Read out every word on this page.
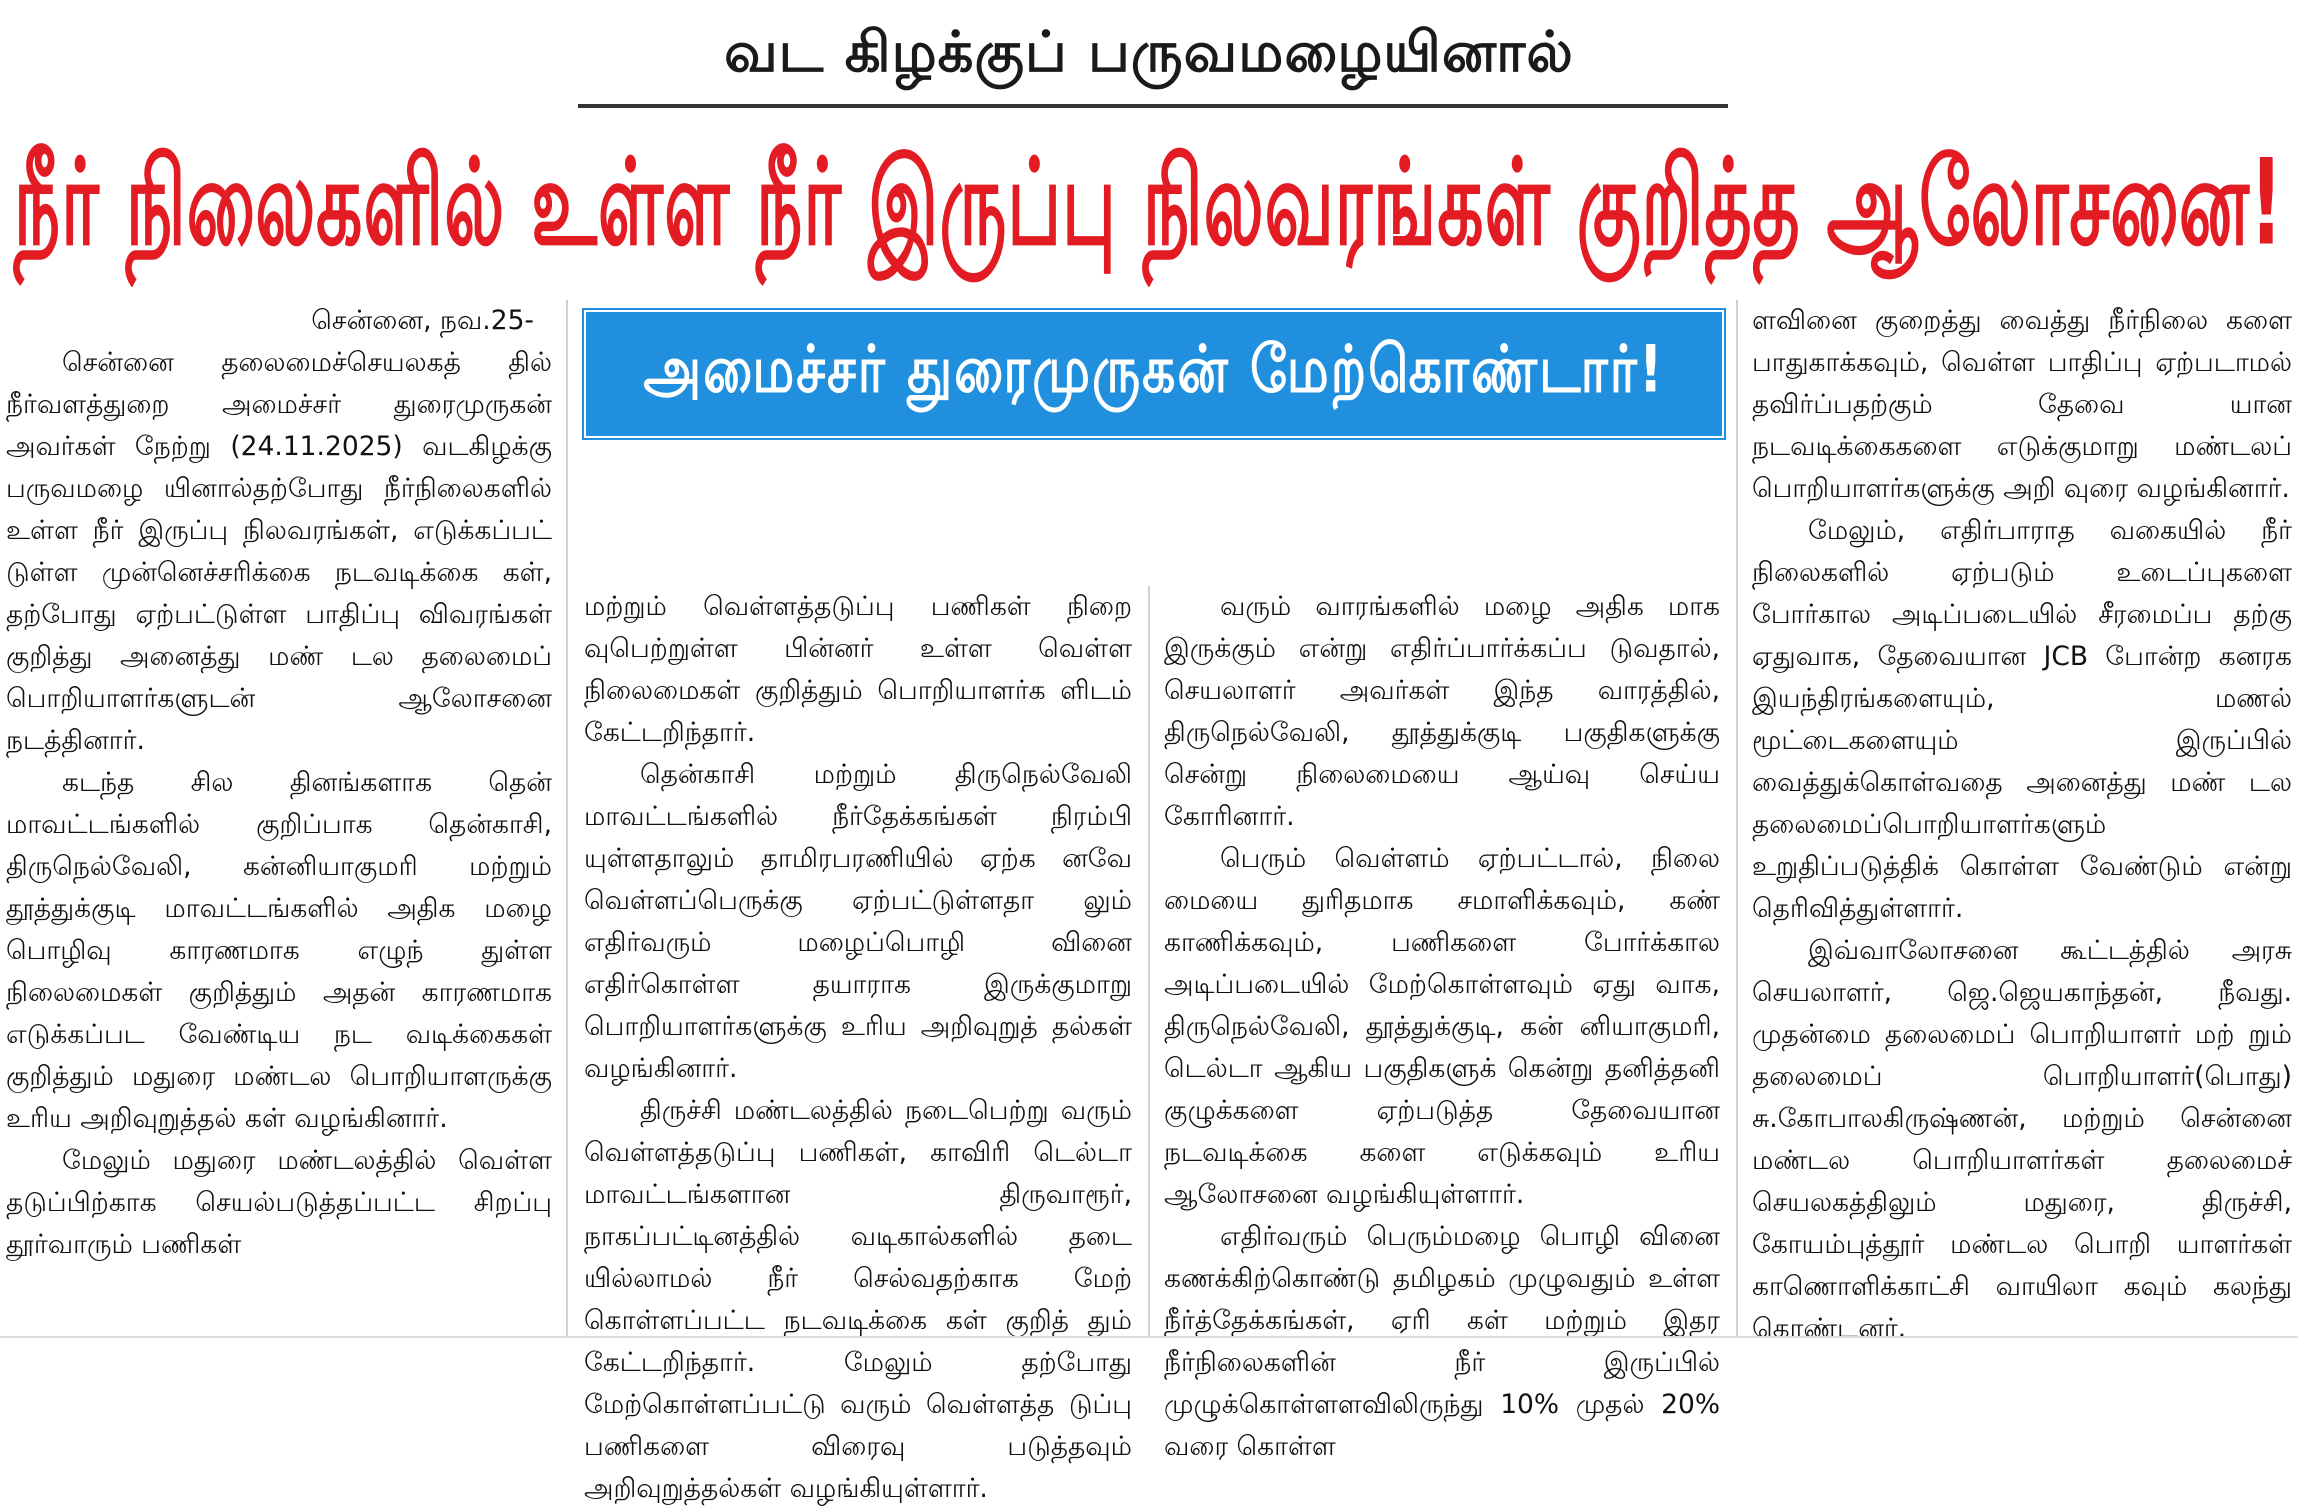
வட கிழக்குப் பருவமழையினால்
நீர் நிலைகளில் உள்ள நீர் இருப்பு நிலவரங்கள் குறித்த ஆலோசனை!
அமைச்சர் துரைமுருகன் மேற்கொண்டார்!

சென்னை, நவ.25-

சென்னை தலைமைச்செயலகத் தில் நீர்வளத்துறை அமைச்சர் துரைமுருகன் அவர்கள் நேற்று (24.11.2025) வடகிழக்கு பருவமழை யினால்தற்போது நீர்நிலைகளில் உள்ள நீர் இருப்பு நிலவரங்கள், எடுக்கப்பட் டுள்ள முன்னெச்சரிக்கை நடவடிக்கை கள், தற்போது ஏற்பட்டுள்ள பாதிப்பு விவரங்கள் குறித்து அனைத்து மண் டல தலைமைப் பொறியாளர்களுடன் ஆலோசனை நடத்தினார்.

கடந்த சில தினங்களாக தென் மாவட்டங்களில் குறிப்பாக தென்காசி, திருநெல்வேலி, கன்னியாகுமரி மற்றும் தூத்துக்குடி மாவட்டங்களில் அதிக மழை பொழிவு காரணமாக எழுந் துள்ள நிலைமைகள் குறித்தும் அதன் காரணமாக எடுக்கப்பட வேண்டிய நட வடிக்கைகள் குறித்தும் மதுரை மண்டல பொறியாளருக்கு உரிய அறிவுறுத்தல் கள் வழங்கினார்.

மேலும் மதுரை மண்டலத்தில் வெள்ள தடுப்பிற்காக செயல்படுத்தப்பட்ட சிறப்பு தூர்வாரும் பணிகள்

மற்றும் வெள்ளத்தடுப்பு பணிகள் நிறை வுபெற்றுள்ள பின்னர் உள்ள வெள்ள நிலைமைகள் குறித்தும் பொறியாளர்க ளிடம் கேட்டறிந்தார்.

தென்காசி மற்றும் திருநெல்வேலி மாவட்டங்களில் நீர்தேக்கங்கள் நிரம்பி யுள்ளதாலும் தாமிரபரணியில் ஏற்க னவே வெள்ளப்பெருக்கு ஏற்பட்டுள்ளதா லும் எதிர்வரும் மழைப்பொழி வினை எதிர்கொள்ள தயாராக இருக்குமாறு பொறியாளர்களுக்கு உரிய அறிவுறுத் தல்கள் வழங்கினார்.

திருச்சி மண்டலத்தில் நடைபெற்று வரும் வெள்ளத்தடுப்பு பணிகள், காவிரி டெல்டா மாவட்டங்களான திருவாரூர், நாகப்பட்டினத்தில் வடிகால்களில் தடை யில்லாமல் நீர் செல்வதற்காக மேற் கொள்ளப்பட்ட நடவடிக்கை கள் குறித் தும் கேட்டறிந்தார். மேலும் தற்போது மேற்கொள்ளப்பட்டு வரும் வெள்ளத்த டுப்பு பணிகளை விரைவு படுத்தவும் அறிவுறுத்தல்கள் வழங்கியுள்ளார்.

வரும் வாரங்களில் மழை அதிக மாக இருக்கும் என்று எதிர்ப்பார்க்கப்ப டுவதால், செயலாளர் அவர்கள் இந்த வாரத்தில், திருநெல்வேலி, தூத்துக்குடி பகுதிகளுக்கு சென்று நிலைமையை ஆய்வு செய்ய கோரினார்.

பெரும் வெள்ளம் ஏற்பட்டால், நிலை மையை துரிதமாக சமாளிக்கவும், கண் காணிக்கவும், பணிகளை போர்க்கால அடிப்படையில் மேற்கொள்ளவும் ஏது வாக, திருநெல்வேலி, தூத்துக்குடி, கன் னியாகுமரி, டெல்டா ஆகிய பகுதிகளுக் கென்று தனித்தனி குழுக்களை ஏற்படுத்த தேவையான நடவடிக்கை களை எடுக்கவும் உரிய ஆலோசனை வழங்கியுள்ளார்.

எதிர்வரும் பெரும்மழை பொழி வினை கணக்கிற்கொண்டு தமிழகம் முழுவதும் உள்ள நீர்த்தேக்கங்கள், ஏரி கள் மற்றும் இதர நீர்நிலைகளின் நீர் இருப்பில் முழுக்கொள்ளளவிலிருந்து 10% முதல் 20% வரை கொள்ள

ளவினை குறைத்து வைத்து நீர்நிலை களை பாதுகாக்கவும், வெள்ள பாதிப்பு ஏற்படாமல் தவிர்ப்பதற்கும் தேவை யான நடவடிக்கைகளை எடுக்குமாறு மண்டலப் பொறியாளர்களுக்கு அறி வுரை வழங்கினார்.

மேலும், எதிர்பாராத வகையில் நீர் நிலைகளில் ஏற்படும் உடைப்புகளை போர்கால அடிப்படையில் சீரமைப்ப தற்கு ஏதுவாக, தேவையான JCB போன்ற கனரக இயந்திரங்களையும், மணல் மூட்டைகளையும் இருப்பில் வைத்துக்கொள்வதை அனைத்து மண் டல தலைமைப்பொறியாளர்களும் உறுதிப்படுத்திக் கொள்ள வேண்டும் என்று தெரிவித்துள்ளார்.

இவ்வாலோசனை கூட்டத்தில் அரசு செயலாளர், ஜெ.ஜெயகாந்தன், நீவது. முதன்மை தலைமைப் பொறியாளர் மற் றும் தலைமைப் பொறியாளர்(பொது) சு.கோபாலகிருஷ்ணன், மற்றும் சென்னை மண்டல பொறியாளர்கள் தலைமைச் செயலகத்திலும் மதுரை, திருச்சி, கோயம்புத்தூர் மண்டல பொறி யாளர்கள் காணொளிக்காட்சி வாயிலா கவும் கலந்து கொண்டனர்.
